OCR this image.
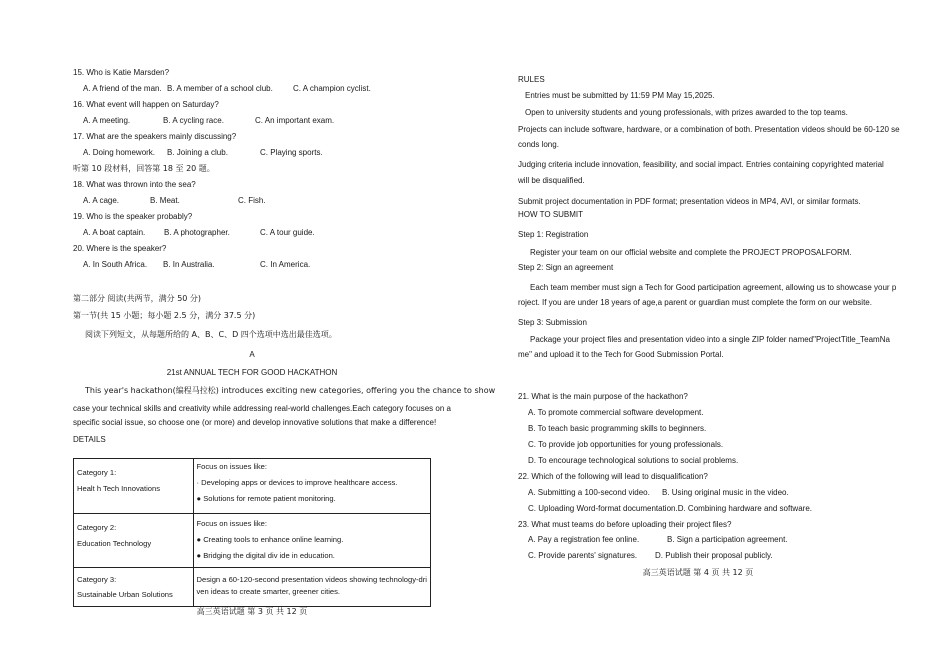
15. Who is Katie Marsden?
A. A friend of the man. B. A member of a school club.	C. A champion cyclist.
16. What event will happen on Saturday?
A. A meeting.	B. A cycling race.	C. An important exam.
17. What are the speakers mainly discussing?
A. Doing homework. B. Joining a club.	C. Playing sports.
听第 10 段材料，回答第 18 至 20 题。
18. What was thrown into the sea?
A. A cage.	B. Meat.	C. Fish.
19. Who is the speaker probably?
A. A boat captain. B. A photographer.	C. A tour guide.
20. Where is the speaker?
A. In South Africa. B. In Australia.	C. In America.
第二部分 阅读(共两节，满分 50 分)
第一节(共 15 小题；每小题 2.5 分，满分 37.5 分)
阅读下列短文，从每题所给的 A、B、C、D 四个选项中选出最佳选项。
A
21st ANNUAL TECH FOR GOOD HACKATHON
This year's hackathon(编程马拉松) introduces exciting new categories, offering you the chance to show
case your technical skills and creativity while addressing real-world challenges.Each category focuses on a
specific social issue, so choose one (or more) and develop innovative solutions that make a difference!
DETAILS
Category 1:
Healt h Tech Innovations	Focus on issues like:
· Developing apps or devices to improve healthcare access.
● Solutions for remote patient monitoring.

Category 2:
Education Technology	Focus on issues like:
● Creating tools to enhance online learning.
● Bridging the digital div ide in education.

Category 3:
Sustainable Urban Solutions	Design a 60-120-second presentation videos showing technology-dri
ven ideas to create smarter, greener cities.
高三英语试题 第 3 页 共 12 页
RULES
Entries must be submitted by 11:59 PM May 15,2025.
Open to university students and young professionals, with prizes awarded to the top teams.
Projects can include software, hardware, or a combination of both. Presentation videos should be 60-120 se
conds long.
Judging criteria include innovation, feasibility, and social impact. Entries containing copyrighted material
will be disqualified.
Submit project documentation in PDF format; presentation videos in MP4, AVI, or similar formats.
HOW TO SUBMIT
Step 1: Registration
Register your team on our official website and complete the PROJECT PROPOSALFORM.
Step 2: Sign an agreement
Each team member must sign a Tech for Good participation agreement, allowing us to showcase your p
roject. If you are under 18 years of age,a parent or guardian must complete the form on our website.
Step 3: Submission
Package your project files and presentation video into a single ZIP folder named"ProjectTitle_TeamNa
me" and upload it to the Tech for Good Submission Portal.
21. What is the main purpose of the hackathon?
A. To promote commercial software development.
B. To teach basic programming skills to beginners.
C. To provide job opportunities for young professionals.
D. To encourage technological solutions to social problems.
22. Which of the following will lead to disqualification?
A. Submitting a 100-second video. B. Using original music in the video.
C. Uploading Word-format documentation.D. Combining hardware and software.
23. What must teams do before uploading their project files?
A. Pay a registration fee online.	B. Sign a participation agreement.
C. Provide parents' signatures. D. Publish their proposal publicly.
高三英语试题 第 4 页 共 12 页
